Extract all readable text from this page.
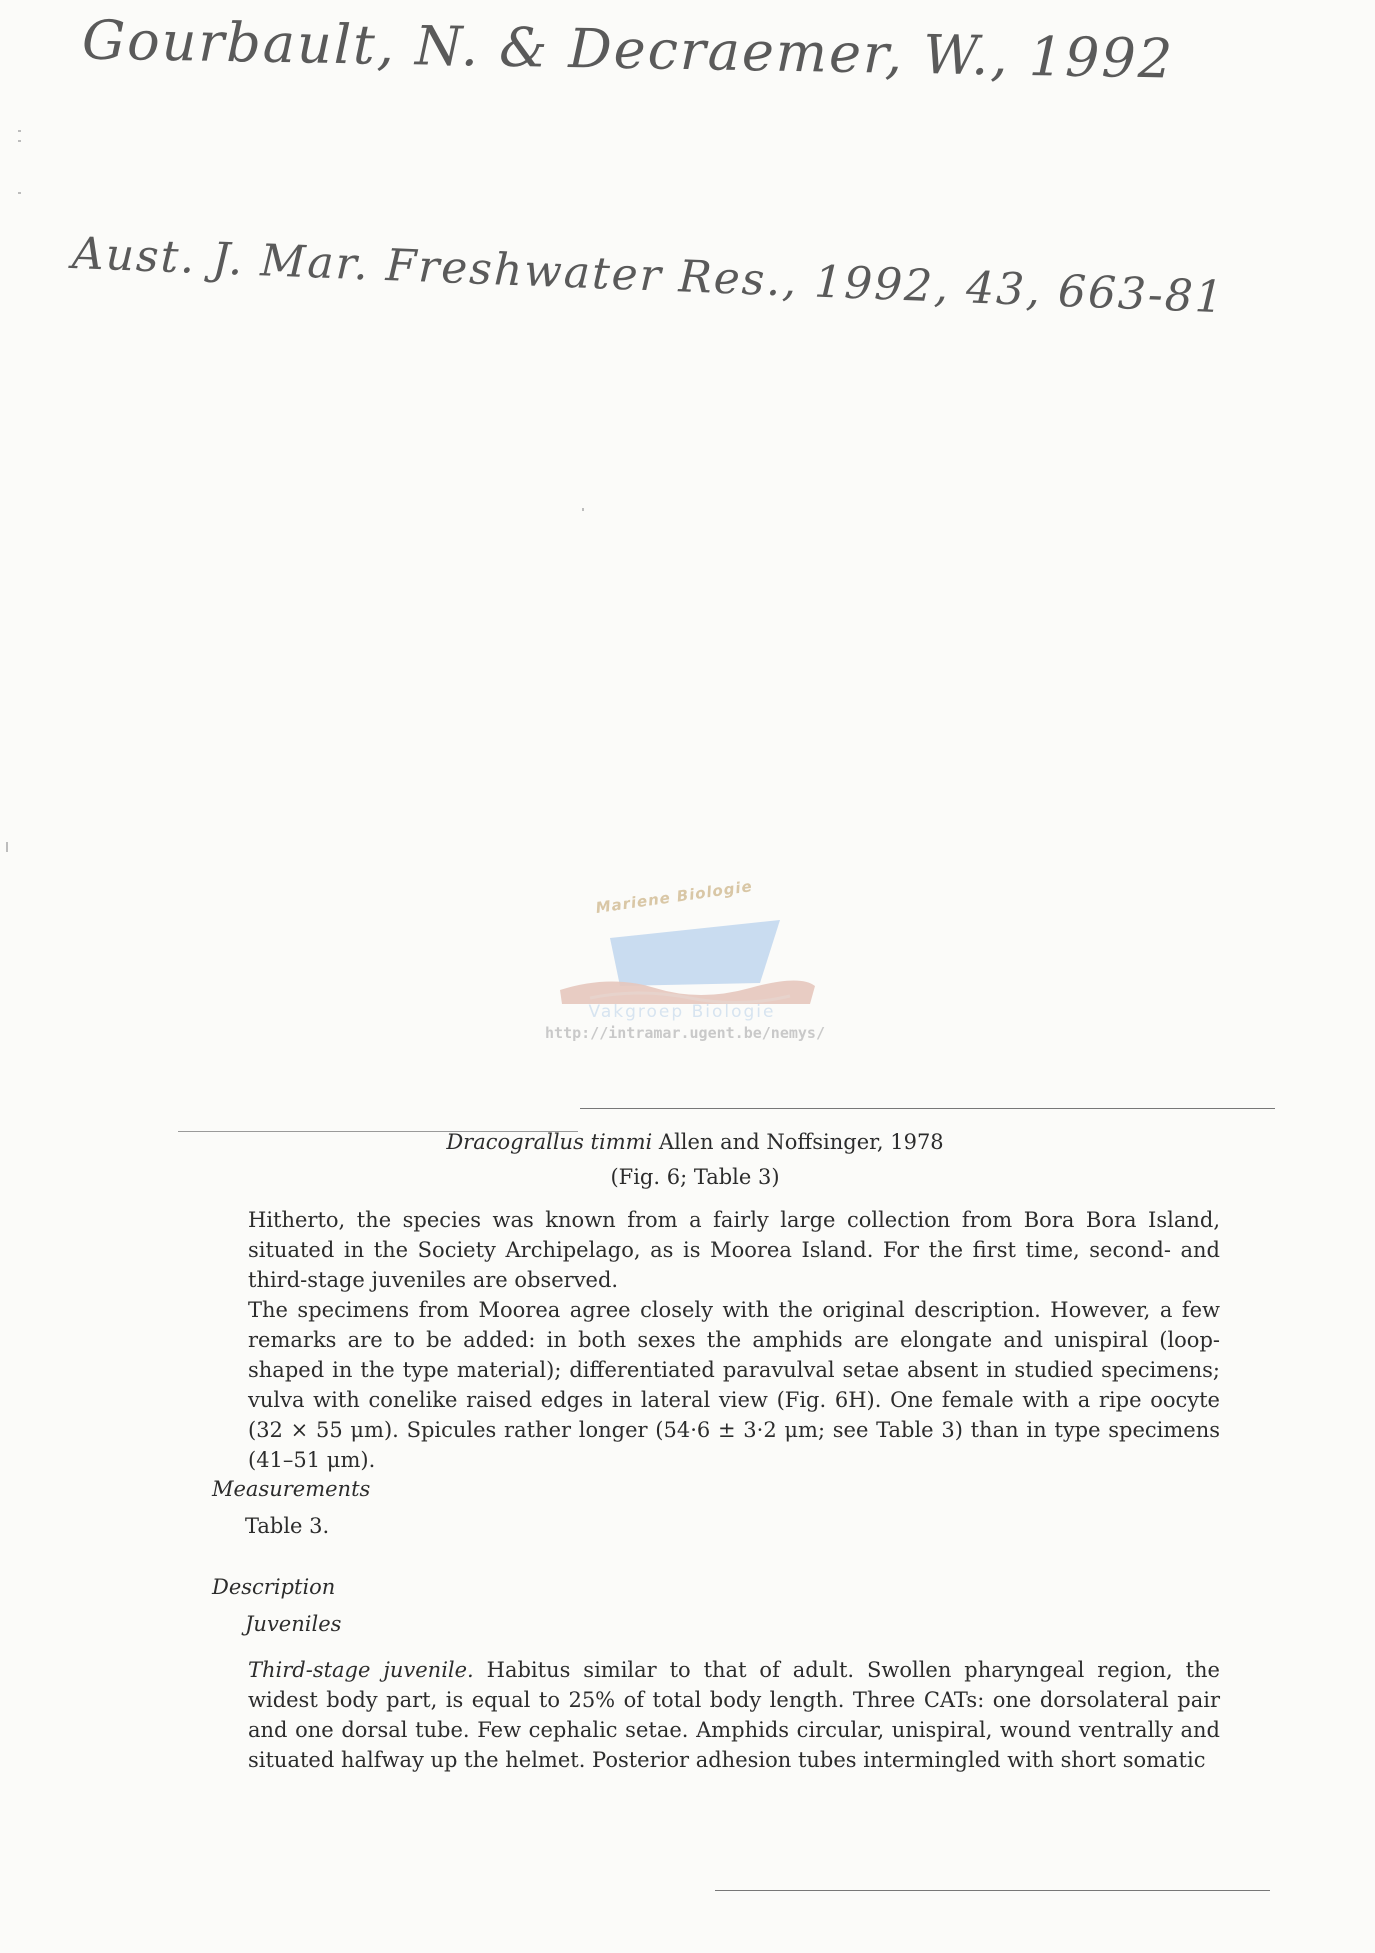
Gourbault, N. & Decraemer, W., 1992
Aust. J. Mar. Freshwater Res., 1992, 43, 663-81
Mariene Biologie
Vakgroep Biologie
http://intramar.ugent.be/nemys/
Dracograllus timmi Allen and Noffsinger, 1978
(Fig. 6; Table 3)
Hitherto, the species was known from a fairly large collection from Bora Bora Island, situated in the Society Archipelago, as is Moorea Island. For the first time, second- and third-stage juveniles are observed.
The specimens from Moorea agree closely with the original description. However, a few remarks are to be added: in both sexes the amphids are elongate and unispiral (loop-shaped in the type material); differentiated paravulval setae absent in studied specimens; vulva with conelike raised edges in lateral view (Fig. 6H). One female with a ripe oocyte (32 × 55 μm). Spicules rather longer (54·6 ± 3·2 μm; see Table 3) than in type specimens (41–51 μm).
Measurements
Table 3.
Description
Juveniles
Third-stage juvenile. Habitus similar to that of adult. Swollen pharyngeal region, the widest body part, is equal to 25% of total body length. Three CATs: one dorsolateral pair and one dorsal tube. Few cephalic setae. Amphids circular, unispiral, wound ventrally and situated halfway up the helmet. Posterior adhesion tubes intermingled with short somatic
